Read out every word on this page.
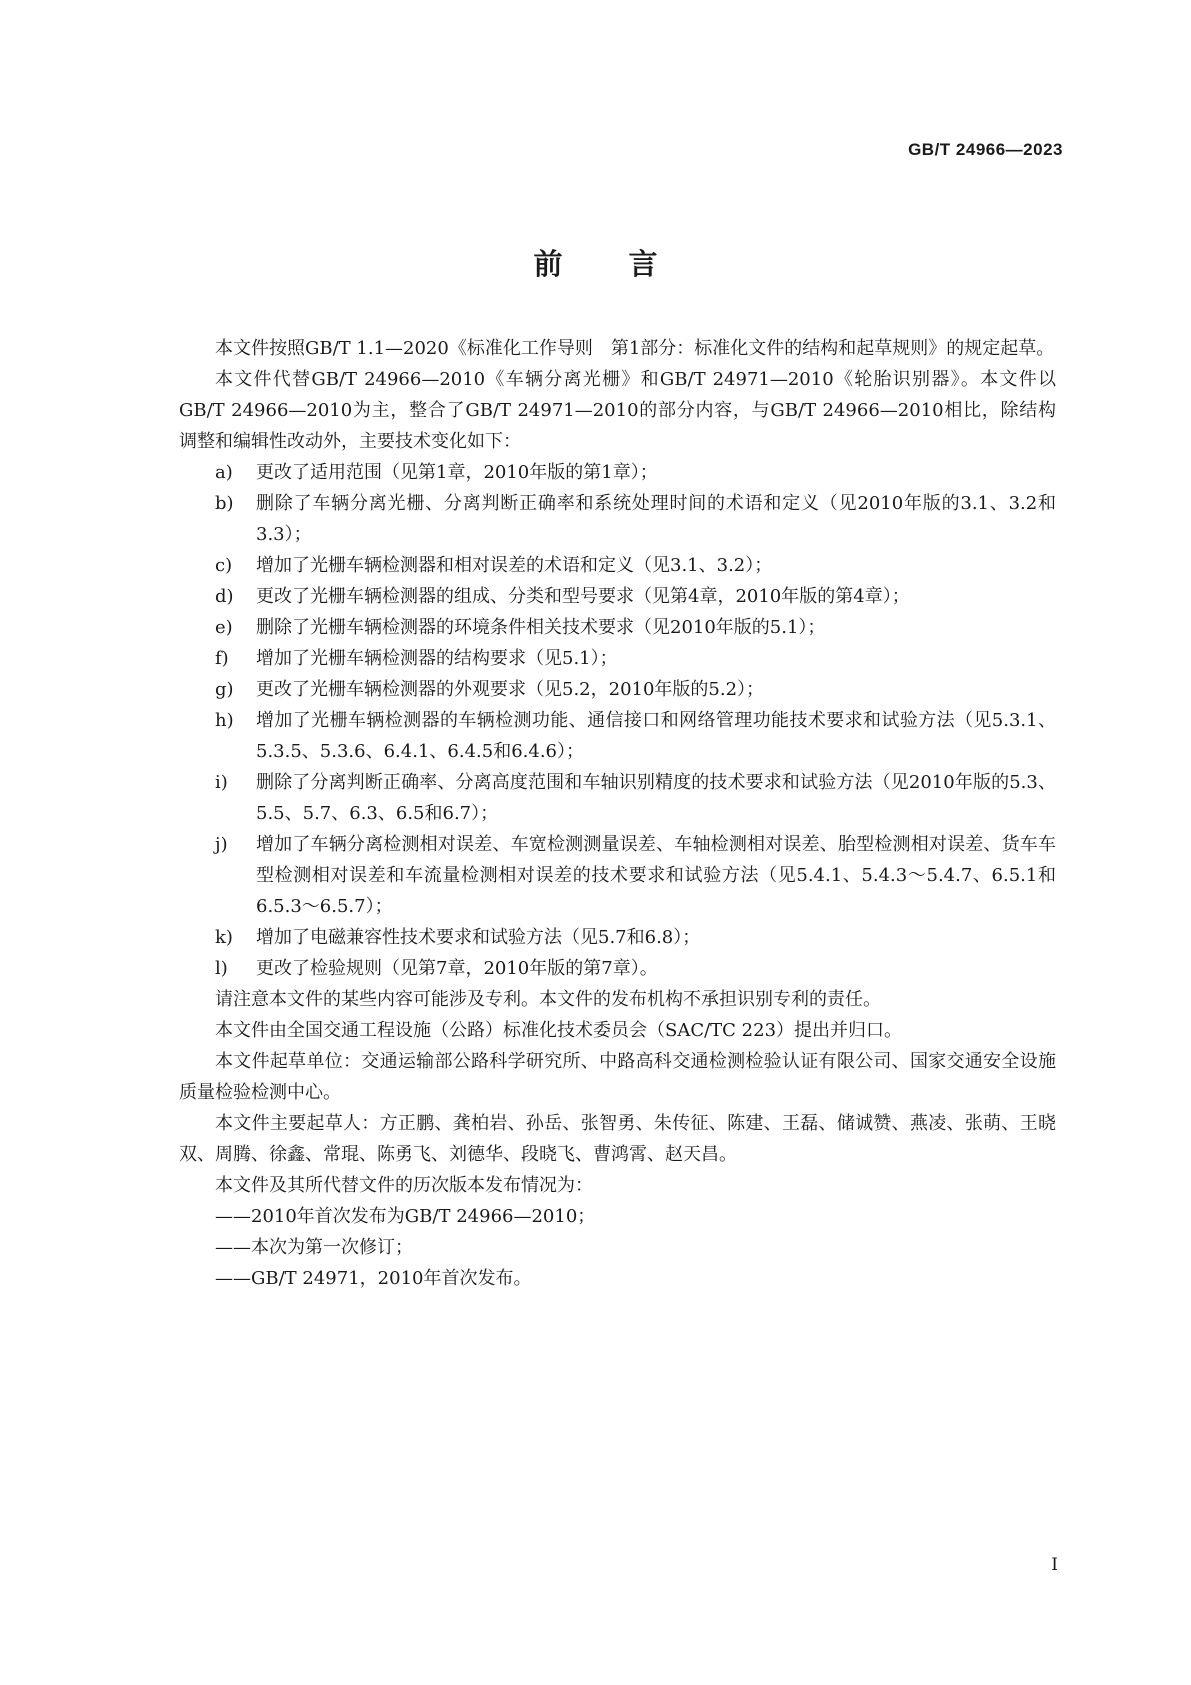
GB/T 24966—2023
前言

本文件按照GB/T 1.1—2020《标准化工作导则　第1部分：标准化文件的结构和起草规则》的规定起草。

本文件代替GB/T 24966—2010《车辆分离光栅》和GB/T 24971—2010《轮胎识别器》。本文件以GB/T 24966—2010为主，整合了GB/T 24971—2010的部分内容，与GB/T 24966—2010相比，除结构调整和编辑性改动外，主要技术变化如下：

a)	更改了适用范围（见第1章，2010年版的第1章）；
b)	删除了车辆分离光栅、分离判断正确率和系统处理时间的术语和定义（见2010年版的3.1、3.2和3.3）；
c)	增加了光栅车辆检测器和相对误差的术语和定义（见3.1、3.2）；
d)	更改了光栅车辆检测器的组成、分类和型号要求（见第4章，2010年版的第4章）；
e)	删除了光栅车辆检测器的环境条件相关技术要求（见2010年版的5.1）；
f)	增加了光栅车辆检测器的结构要求（见5.1）；
g)	更改了光栅车辆检测器的外观要求（见5.2，2010年版的5.2）；
h)	增加了光栅车辆检测器的车辆检测功能、通信接口和网络管理功能技术要求和试验方法（见5.3.1、5.3.5、5.3.6、6.4.1、6.4.5和6.4.6）；
i)	删除了分离判断正确率、分离高度范围和车轴识别精度的技术要求和试验方法（见2010年版的5.3、5.5、5.7、6.3、6.5和6.7）；
j)	增加了车辆分离检测相对误差、车宽检测测量误差、车轴检测相对误差、胎型检测相对误差、货车车型检测相对误差和车流量检测相对误差的技术要求和试验方法（见5.4.1、5.4.3～5.4.7、6.5.1和6.5.3～6.5.7）；
k)	增加了电磁兼容性技术要求和试验方法（见5.7和6.8）；
l)	更改了检验规则（见第7章，2010年版的第7章）。

请注意本文件的某些内容可能涉及专利。本文件的发布机构不承担识别专利的责任。

本文件由全国交通工程设施（公路）标准化技术委员会（SAC/TC 223）提出并归口。

本文件起草单位：交通运输部公路科学研究所、中路高科交通检测检验认证有限公司、国家交通安全设施质量检验检测中心。

本文件主要起草人：方正鹏、龚柏岩、孙岳、张智勇、朱传征、陈建、王磊、储诚赞、燕凌、张萌、王晓双、周腾、徐鑫、常琨、陈勇飞、刘德华、段晓飞、曹鸿霄、赵天昌。

本文件及其所代替文件的历次版本发布情况为：

——2010年首次发布为GB/T 24966—2010；

——本次为第一次修订；

——GB/T 24971，2010年首次发布。

I
